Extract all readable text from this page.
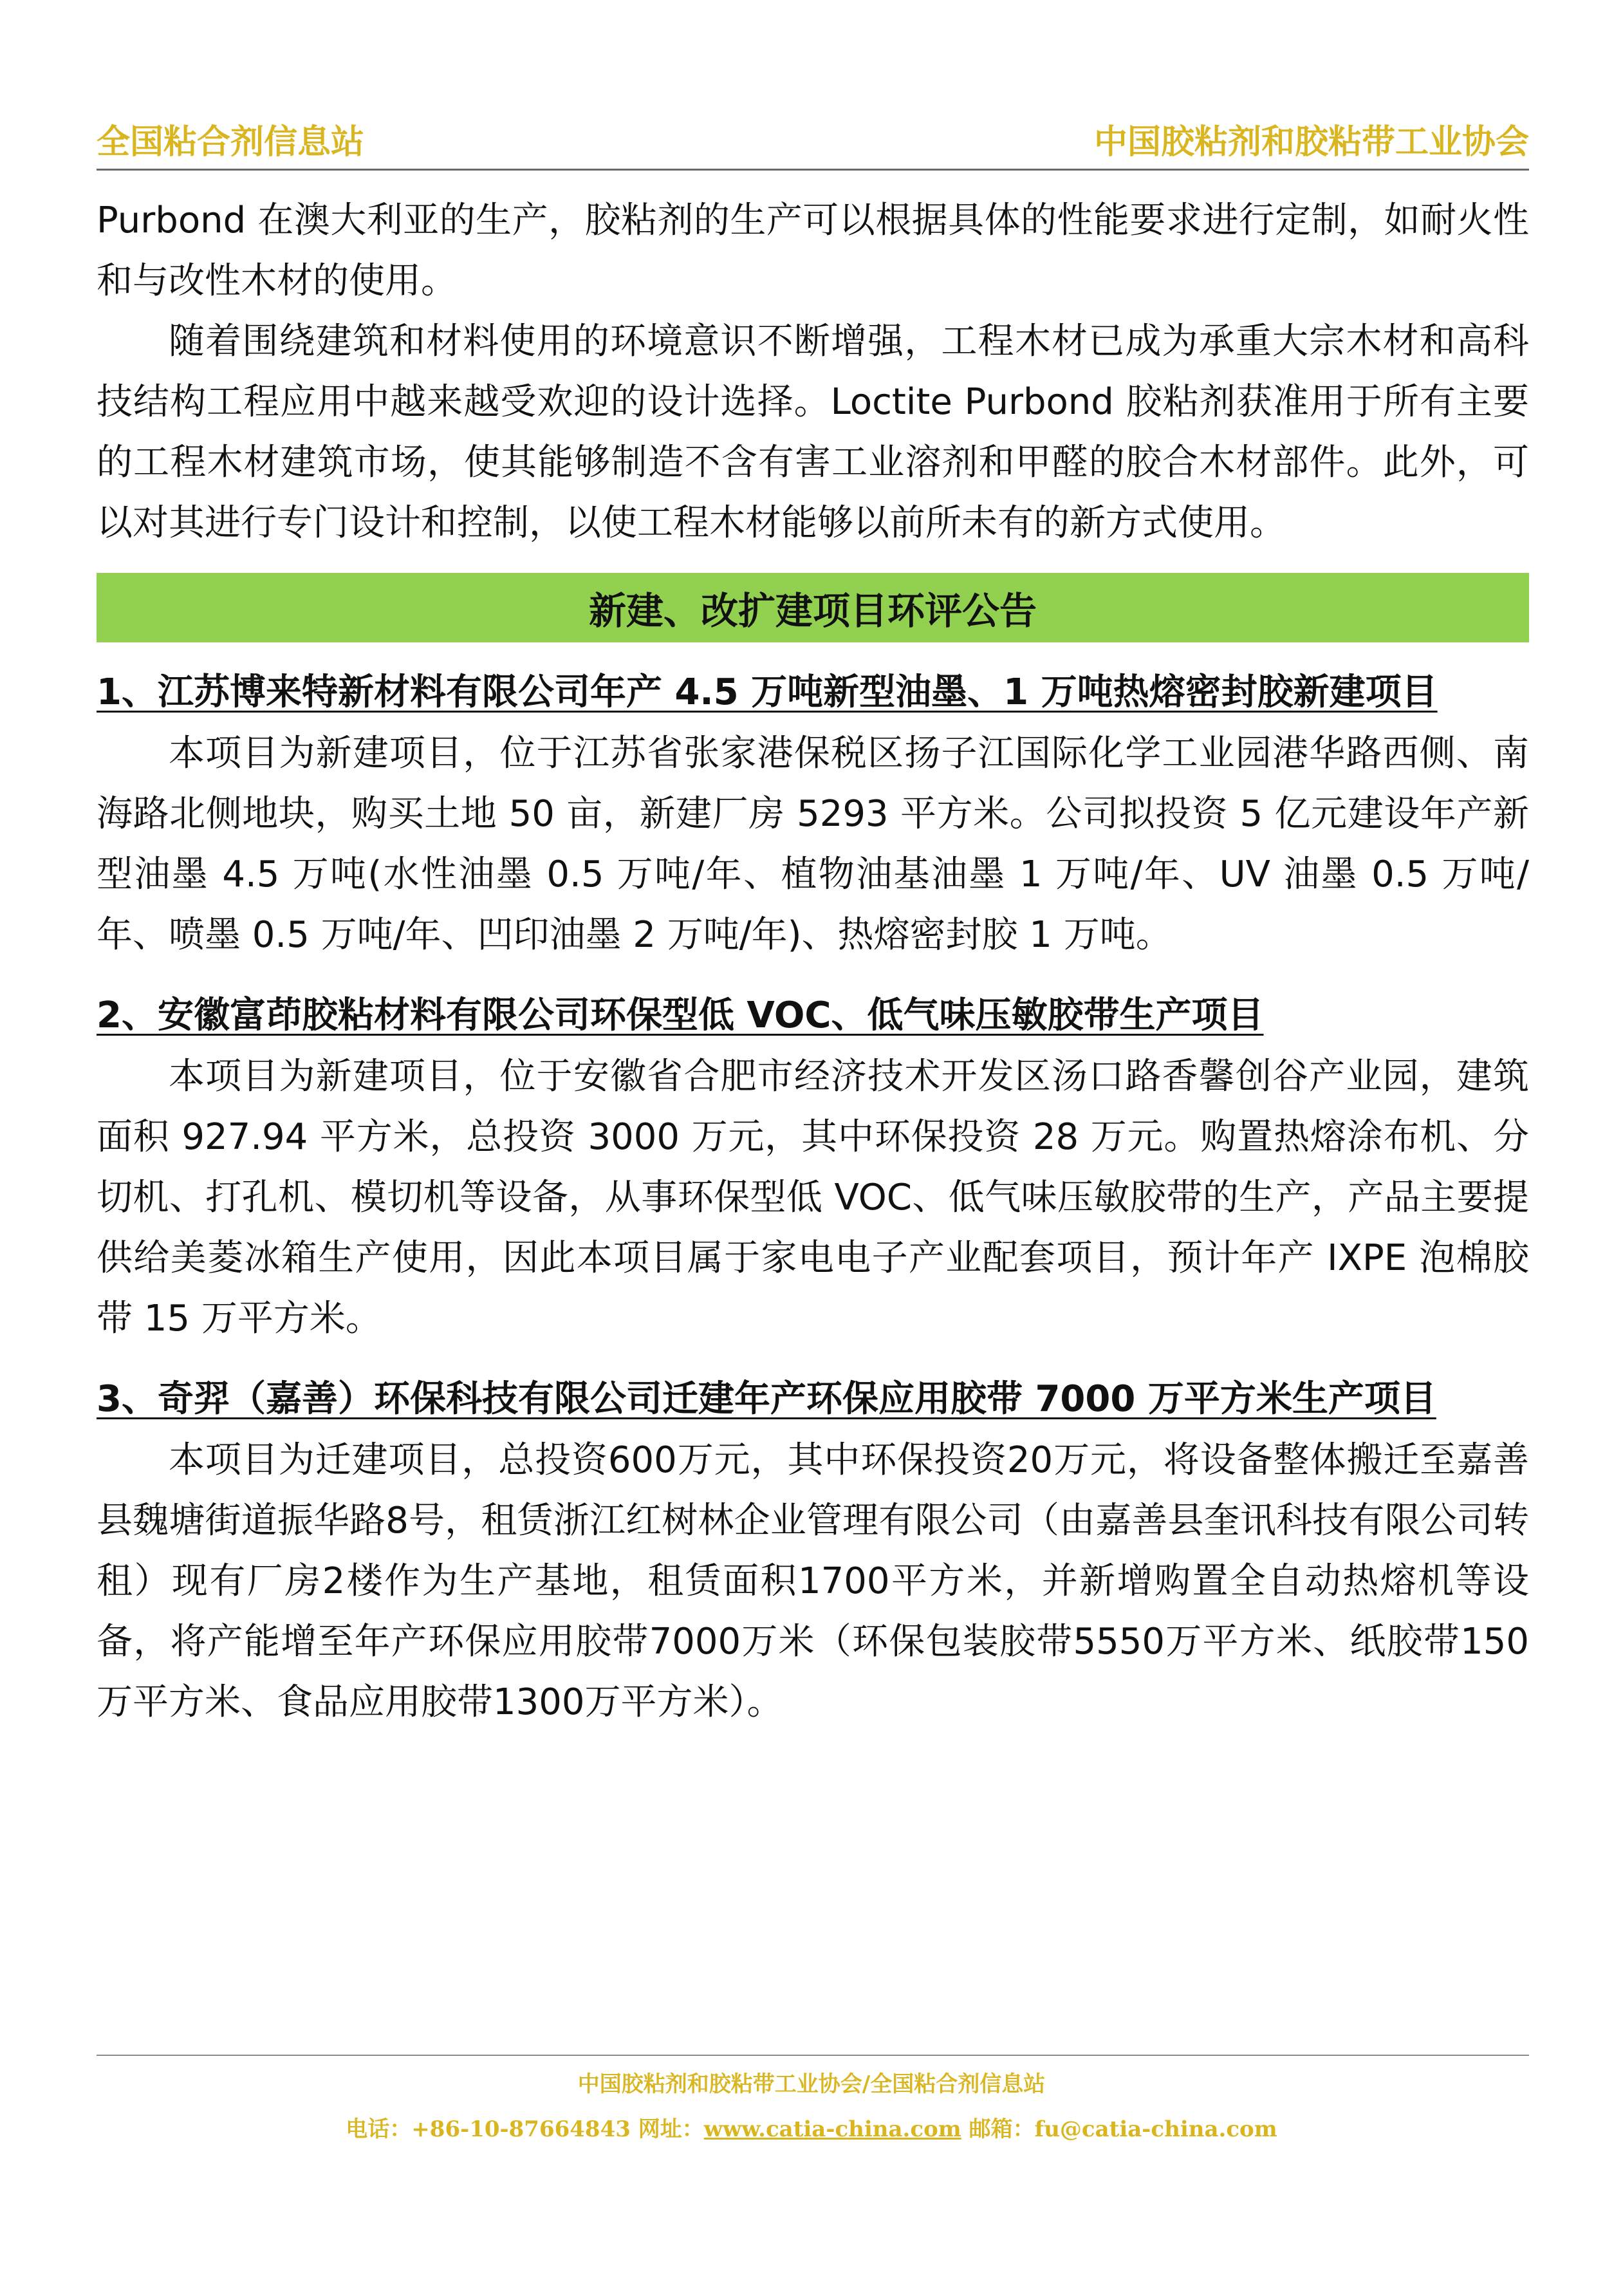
全国粘合剂信息站	中国胶粘剂和胶粘带工业协会

Purbond 在澳大利亚的生产，胶粘剂的生产可以根据具体的性能要求进行定制，如耐火性和与改性木材的使用。

随着围绕建筑和材料使用的环境意识不断增强，工程木材已成为承重大宗木材和高科技结构工程应用中越来越受欢迎的设计选择。Loctite Purbond 胶粘剂获准用于所有主要的工程木材建筑市场，使其能够制造不含有害工业溶剂和甲醛的胶合木材部件。此外，可以对其进行专门设计和控制，以使工程木材能够以前所未有的新方式使用。

新建、改扩建项目环评公告

1、江苏博来特新材料有限公司年产 4.5 万吨新型油墨、1 万吨热熔密封胶新建项目

本项目为新建项目，位于江苏省张家港保税区扬子江国际化学工业园港华路西侧、南海路北侧地块，购买土地 50 亩，新建厂房 5293 平方米。公司拟投资 5 亿元建设年产新型油墨 4.5 万吨(水性油墨 0.5 万吨/年、植物油基油墨 1 万吨/年、UV 油墨 0.5 万吨/年、喷墨 0.5 万吨/年、凹印油墨 2 万吨/年)、热熔密封胶 1 万吨。

2、安徽富茚胶粘材料有限公司环保型低 VOC、低气味压敏胶带生产项目

本项目为新建项目，位于安徽省合肥市经济技术开发区汤口路香馨创谷产业园，建筑面积 927.94 平方米，总投资 3000 万元，其中环保投资 28 万元。购置热熔涂布机、分切机、打孔机、模切机等设备，从事环保型低 VOC、低气味压敏胶带的生产，产品主要提供给美菱冰箱生产使用，因此本项目属于家电电子产业配套项目，预计年产 IXPE 泡棉胶带 15 万平方米。

3、奇羿（嘉善）环保科技有限公司迁建年产环保应用胶带 7000 万平方米生产项目

本项目为迁建项目，总投资600万元，其中环保投资20万元，将设备整体搬迁至嘉善县魏塘街道振华路8号，租赁浙江红树林企业管理有限公司（由嘉善县奎讯科技有限公司转租）现有厂房2楼作为生产基地，租赁面积1700平方米，并新增购置全自动热熔机等设备，将产能增至年产环保应用胶带7000万米（环保包装胶带5550万平方米、纸胶带150万平方米、食品应用胶带1300万平方米）。

中国胶粘剂和胶粘带工业协会/全国粘合剂信息站
电话：+86-10-87664843 网址：www.catia-china.com 邮箱：fu@catia-china.com
